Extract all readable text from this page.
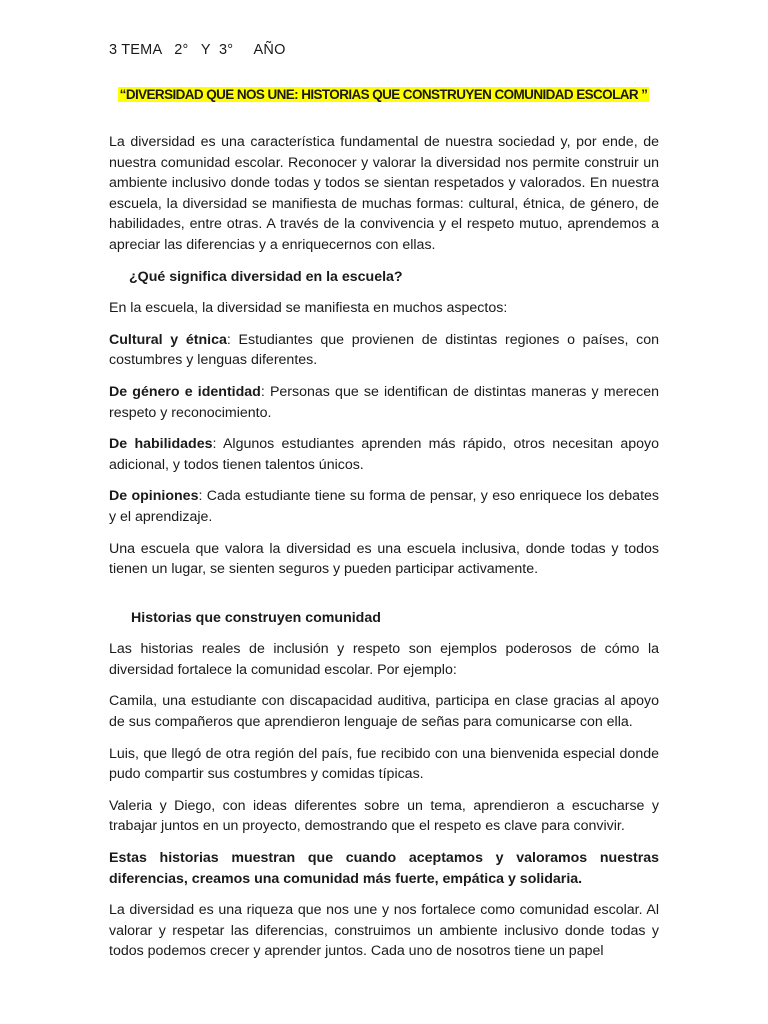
3 TEMA   2°   Y  3°     AÑO
“DIVERSIDAD QUE NOS UNE: HISTORIAS QUE CONSTRUYEN COMUNIDAD ESCOLAR ”

La diversidad es una característica fundamental de nuestra sociedad y, por ende, de nuestra comunidad escolar. Reconocer y valorar la diversidad nos permite construir un ambiente inclusivo donde todas y todos se sientan respetados y valorados. En nuestra escuela, la diversidad se manifiesta de muchas formas: cultural, étnica, de género, de habilidades, entre otras. A través de la convivencia y el respeto mutuo, aprendemos a apreciar las diferencias y a enriquecernos con ellas.

¿Qué significa diversidad en la escuela?

En la escuela, la diversidad se manifiesta en muchos aspectos:

Cultural y étnica: Estudiantes que provienen de distintas regiones o países, con costumbres y lenguas diferentes.

De género e identidad: Personas que se identifican de distintas maneras y merecen respeto y reconocimiento.

De habilidades: Algunos estudiantes aprenden más rápido, otros necesitan apoyo adicional, y todos tienen talentos únicos.

De opiniones: Cada estudiante tiene su forma de pensar, y eso enriquece los debates y el aprendizaje.

Una escuela que valora la diversidad es una escuela inclusiva, donde todas y todos tienen un lugar, se sienten seguros y pueden participar activamente.

Historias que construyen comunidad

Las historias reales de inclusión y respeto son ejemplos poderosos de cómo la diversidad fortalece la comunidad escolar. Por ejemplo:

Camila, una estudiante con discapacidad auditiva, participa en clase gracias al apoyo de sus compañeros que aprendieron lenguaje de señas para comunicarse con ella.

Luis, que llegó de otra región del país, fue recibido con una bienvenida especial donde pudo compartir sus costumbres y comidas típicas.

Valeria y Diego, con ideas diferentes sobre un tema, aprendieron a escucharse y trabajar juntos en un proyecto, demostrando que el respeto es clave para convivir.

Estas historias muestran que cuando aceptamos y valoramos nuestras diferencias, creamos una comunidad más fuerte, empática y solidaria.

La diversidad es una riqueza que nos une y nos fortalece como comunidad escolar. Al valorar y respetar las diferencias, construimos un ambiente inclusivo donde todas y todos podemos crecer y aprender juntos. Cada uno de nosotros tiene un papel
